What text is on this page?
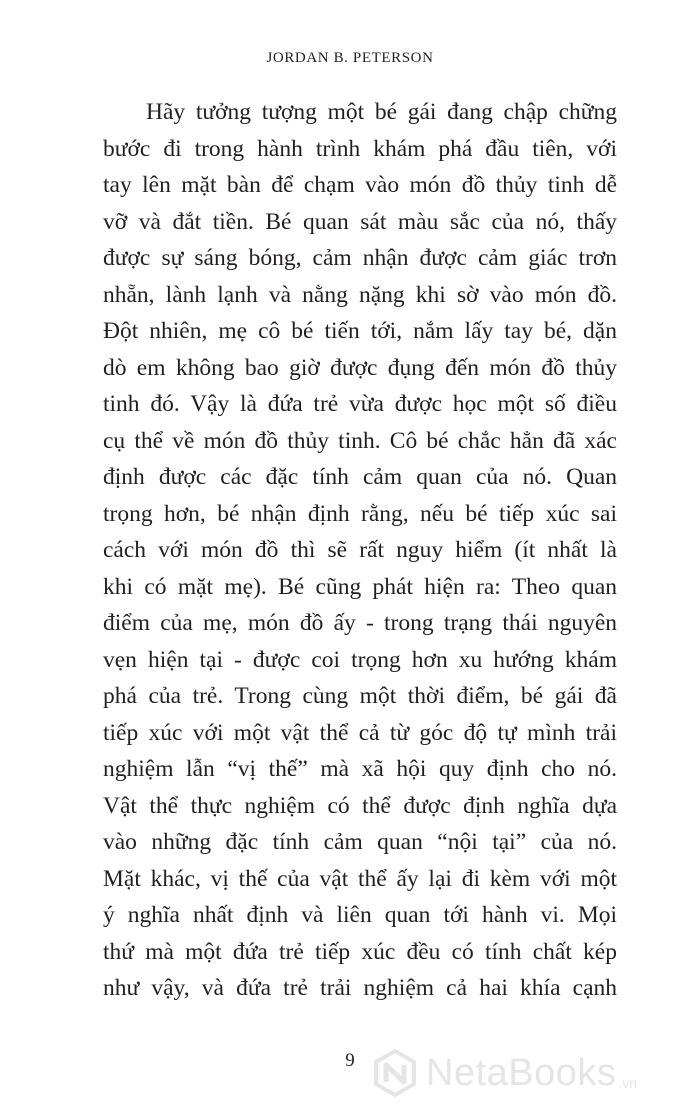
JORDAN B. PETERSON
Hãy tưởng tượng một bé gái đang chập chững
bước đi trong hành trình khám phá đầu tiên, với
tay lên mặt bàn để chạm vào món đồ thủy tinh dễ
vỡ và đắt tiền. Bé quan sát màu sắc của nó, thấy
được sự sáng bóng, cảm nhận được cảm giác trơn
nhẵn, lành lạnh và nằng nặng khi sờ vào món đồ.
Đột nhiên, mẹ cô bé tiến tới, nắm lấy tay bé, dặn
dò em không bao giờ được đụng đến món đồ thủy
tinh đó. Vậy là đứa trẻ vừa được học một số điều
cụ thể về món đồ thủy tinh. Cô bé chắc hẳn đã xác
định được các đặc tính cảm quan của nó. Quan
trọng hơn, bé nhận định rằng, nếu bé tiếp xúc sai
cách với món đồ thì sẽ rất nguy hiểm (ít nhất là
khi có mặt mẹ). Bé cũng phát hiện ra: Theo quan
điểm của mẹ, món đồ ấy - trong trạng thái nguyên
vẹn hiện tại - được coi trọng hơn xu hướng khám
phá của trẻ. Trong cùng một thời điểm, bé gái đã
tiếp xúc với một vật thể cả từ góc độ tự mình trải
nghiệm lẫn “vị thế” mà xã hội quy định cho nó.
Vật thể thực nghiệm có thể được định nghĩa dựa
vào những đặc tính cảm quan “nội tại” của nó.
Mặt khác, vị thế của vật thể ấy lại đi kèm với một
ý nghĩa nhất định và liên quan tới hành vi. Mọi
thứ mà một đứa trẻ tiếp xúc đều có tính chất kép
như vậy, và đứa trẻ trải nghiệm cả hai khía cạnh
9	NetaBooks .vn
